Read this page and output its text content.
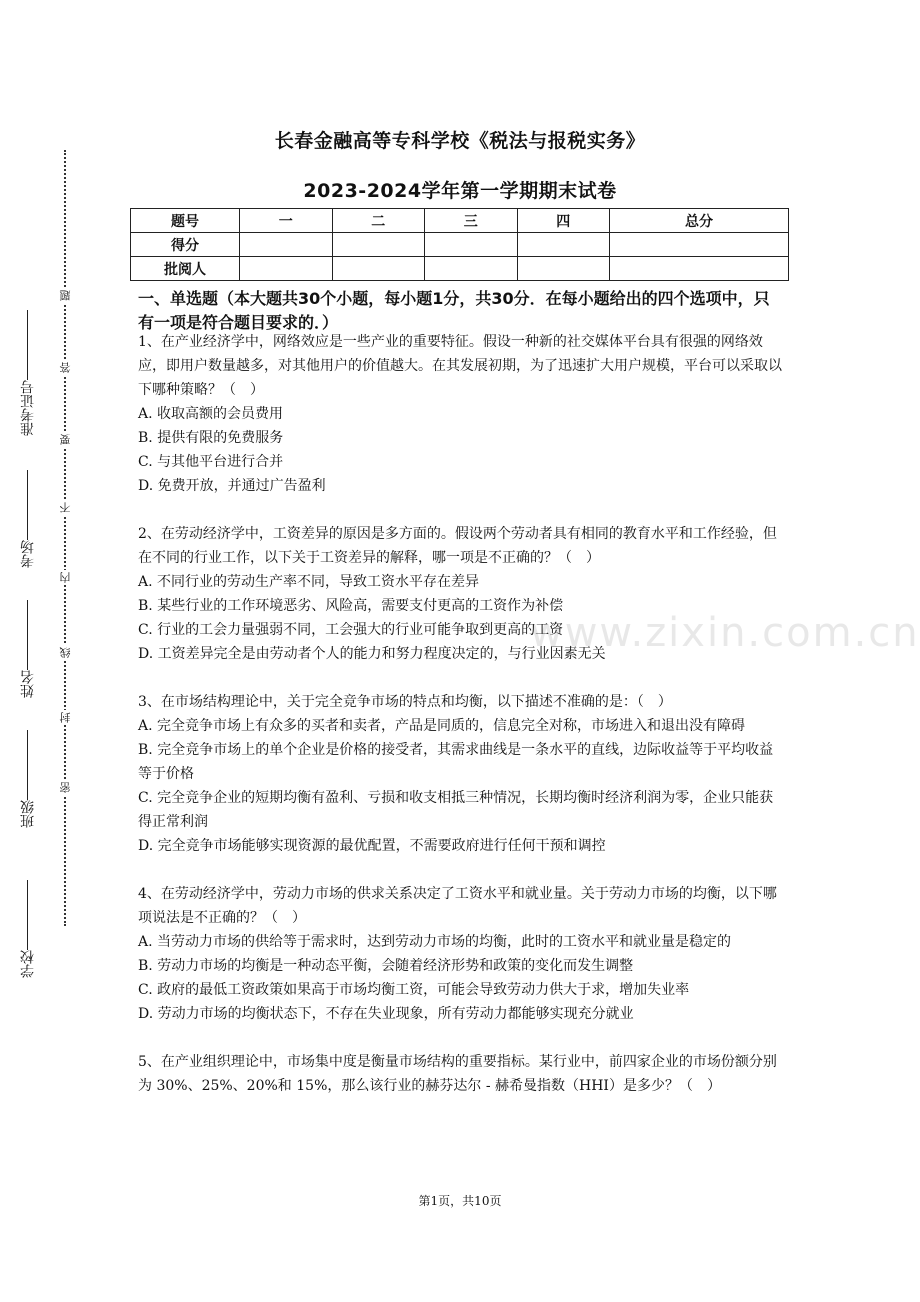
题
答
要
不
内
线
封
密
准考证号
考场
姓名
班级
学校
www.zixin.com.cn
长春金融高等专科学校《税法与报税实务》
2023-2024学年第一学期期末试卷
题号	一	二	三	四	总分
得分					
批阅人					
一、单选题（本大题共30个小题，每小题1分，共30分．在每小题给出的四个选项中，只有一项是符合题目要求的．）

1、在产业经济学中，网络效应是一些产业的重要特征。假设一种新的社交媒体平台具有很强的网络效应，即用户数量越多，对其他用户的价值越大。在其发展初期，为了迅速扩大用户规模，平台可以采取以下哪种策略？（　）

A. 收取高额的会员费用

B. 提供有限的免费服务

C. 与其他平台进行合并

D. 免费开放，并通过广告盈利

2、在劳动经济学中，工资差异的原因是多方面的。假设两个劳动者具有相同的教育水平和工作经验，但在不同的行业工作，以下关于工资差异的解释，哪一项是不正确的？（　）

A. 不同行业的劳动生产率不同，导致工资水平存在差异

B. 某些行业的工作环境恶劣、风险高，需要支付更高的工资作为补偿

C. 行业的工会力量强弱不同，工会强大的行业可能争取到更高的工资

D. 工资差异完全是由劳动者个人的能力和努力程度决定的，与行业因素无关

3、在市场结构理论中，关于完全竞争市场的特点和均衡，以下描述不准确的是：（　）

A. 完全竞争市场上有众多的买者和卖者，产品是同质的，信息完全对称，市场进入和退出没有障碍

B. 完全竞争市场上的单个企业是价格的接受者，其需求曲线是一条水平的直线，边际收益等于平均收益等于价格

C. 完全竞争企业的短期均衡有盈利、亏损和收支相抵三种情况，长期均衡时经济利润为零，企业只能获得正常利润

D. 完全竞争市场能够实现资源的最优配置，不需要政府进行任何干预和调控

4、在劳动经济学中，劳动力市场的供求关系决定了工资水平和就业量。关于劳动力市场的均衡，以下哪项说法是不正确的？（　）

A. 当劳动力市场的供给等于需求时，达到劳动力市场的均衡，此时的工资水平和就业量是稳定的

B. 劳动力市场的均衡是一种动态平衡，会随着经济形势和政策的变化而发生调整

C. 政府的最低工资政策如果高于市场均衡工资，可能会导致劳动力供大于求，增加失业率

D. 劳动力市场的均衡状态下，不存在失业现象，所有劳动力都能够实现充分就业

5、在产业组织理论中，市场集中度是衡量市场结构的重要指标。某行业中，前四家企业的市场份额分别为 30%、25%、20%和 15%，那么该行业的赫芬达尔 - 赫希曼指数（HHI）是多少？（　）

第1页，共10页
